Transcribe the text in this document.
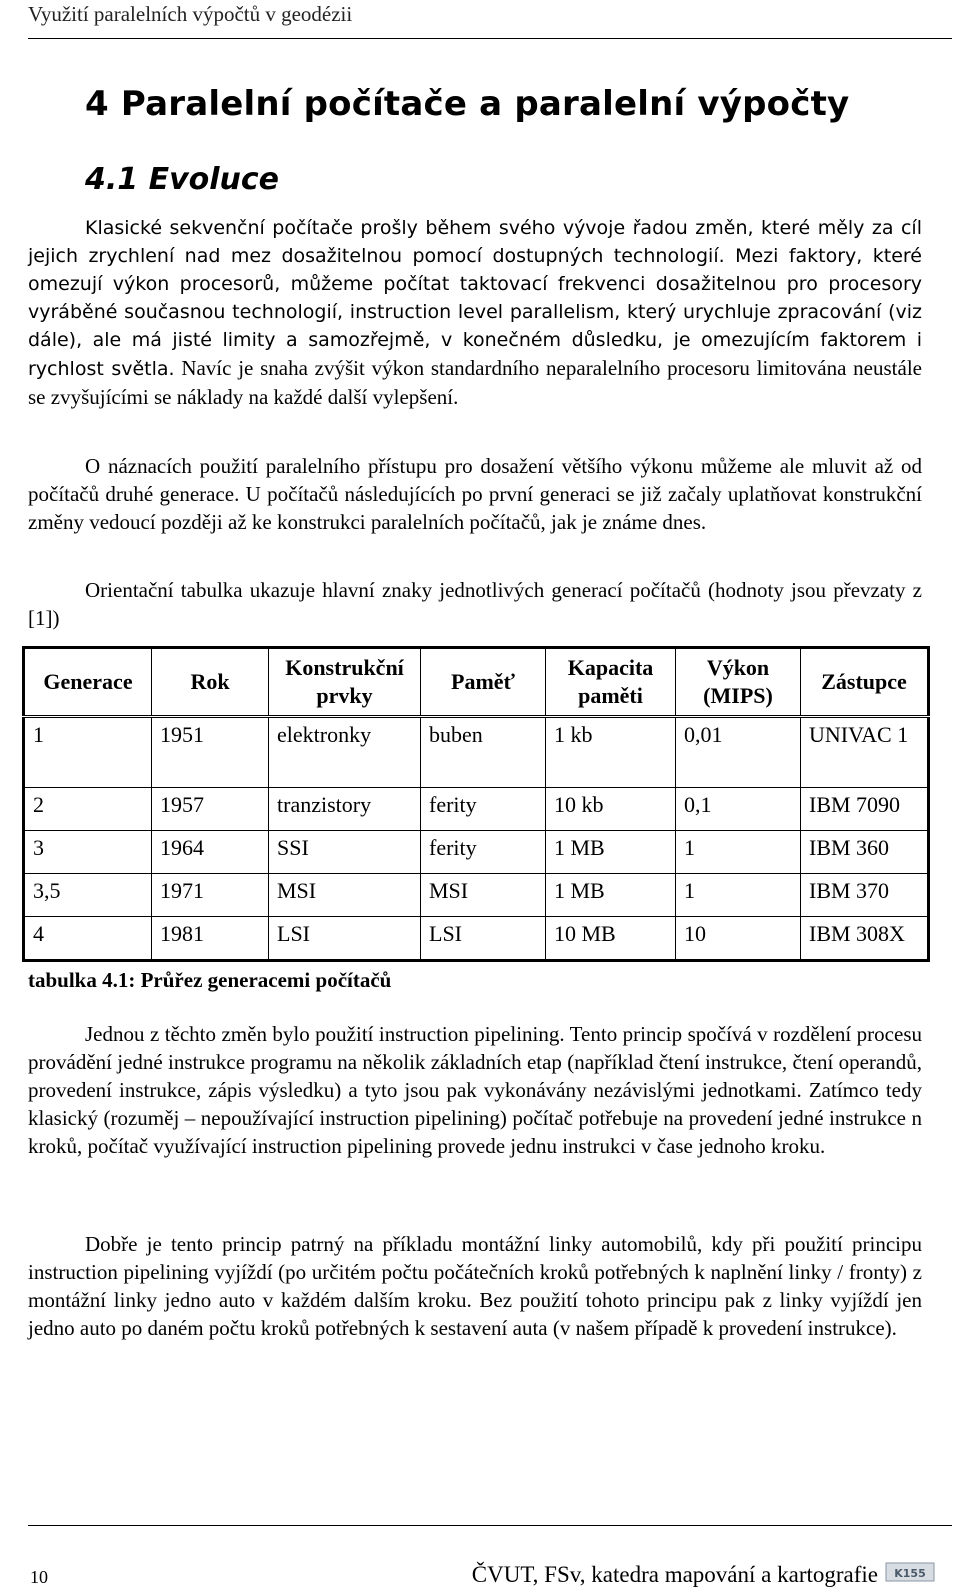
Využití paralelních výpočtů v geodézii
4 Paralelní počítače a paralelní výpočty
4.1 Evoluce

Klasické sekvenční počítače prošly během svého vývoje řadou změn, které měly za cíl jejich zrychlení nad mez dosažitelnou pomocí dostupných technologií. Mezi faktory, které omezují výkon procesorů, můžeme počítat taktovací frekvenci dosažitelnou pro procesory vyráběné současnou technologií, instruction level parallelism, který urychluje zpracování (viz dále), ale má jisté limity a samozřejmě, v konečném důsledku, je omezujícím faktorem i rychlost světla. Navíc je snaha zvýšit výkon standardního neparalelního procesoru limitována neustále se zvyšujícími se náklady na každé další vylepšení.

O náznacích použití paralelního přístupu pro dosažení většího výkonu můžeme ale mluvit až od počítačů druhé generace. U počítačů následujících po první generaci se již začaly uplatňovat konstrukční změny vedoucí později až ke konstrukci paralelních počítačů, jak je známe dnes.

Orientační tabulka ukazuje hlavní znaky jednotlivých generací počítačů (hodnoty jsou převzaty z [1])

Generace	Rok	Konstrukční prvky	Paměť	Kapacita paměti	Výkon (MIPS)	Zástupce
1	1951	elektronky	buben	1 kb	0,01	UNIVAC 1
2	1957	tranzistory	ferity	10 kb	0,1	IBM 7090
3	1964	SSI	ferity	1 MB	1	IBM 360
3,5	1971	MSI	MSI	1 MB	1	IBM 370
4	1981	LSI	LSI	10 MB	10	IBM 308X
tabulka 4.1: Průřez generacemi počítačů

Jednou z těchto změn bylo použití instruction pipelining. Tento princip spočívá v rozdělení procesu provádění jedné instrukce programu na několik základních etap (například čtení instrukce, čtení operandů, provedení instrukce, zápis výsledku) a tyto jsou pak vykonávány nezávislými jednotkami. Zatímco tedy klasický (rozuměj – nepoužívající instruction pipelining) počítač potřebuje na provedení jedné instrukce n kroků, počítač využívající instruction pipelining provede jednu instrukci v čase jednoho kroku.

Dobře je tento princip patrný na příkladu montážní linky automobilů, kdy při použití principu instruction pipelining vyjíždí (po určitém počtu počátečních kroků potřebných k naplnění linky / fronty) z montážní linky jedno auto v každém dalším kroku. Bez použití tohoto principu pak z linky vyjíždí jen jedno auto po daném počtu kroků potřebných k sestavení auta (v našem případě k provedení instrukce).

10	ČVUT, FSv, katedra mapování a kartografie K155
